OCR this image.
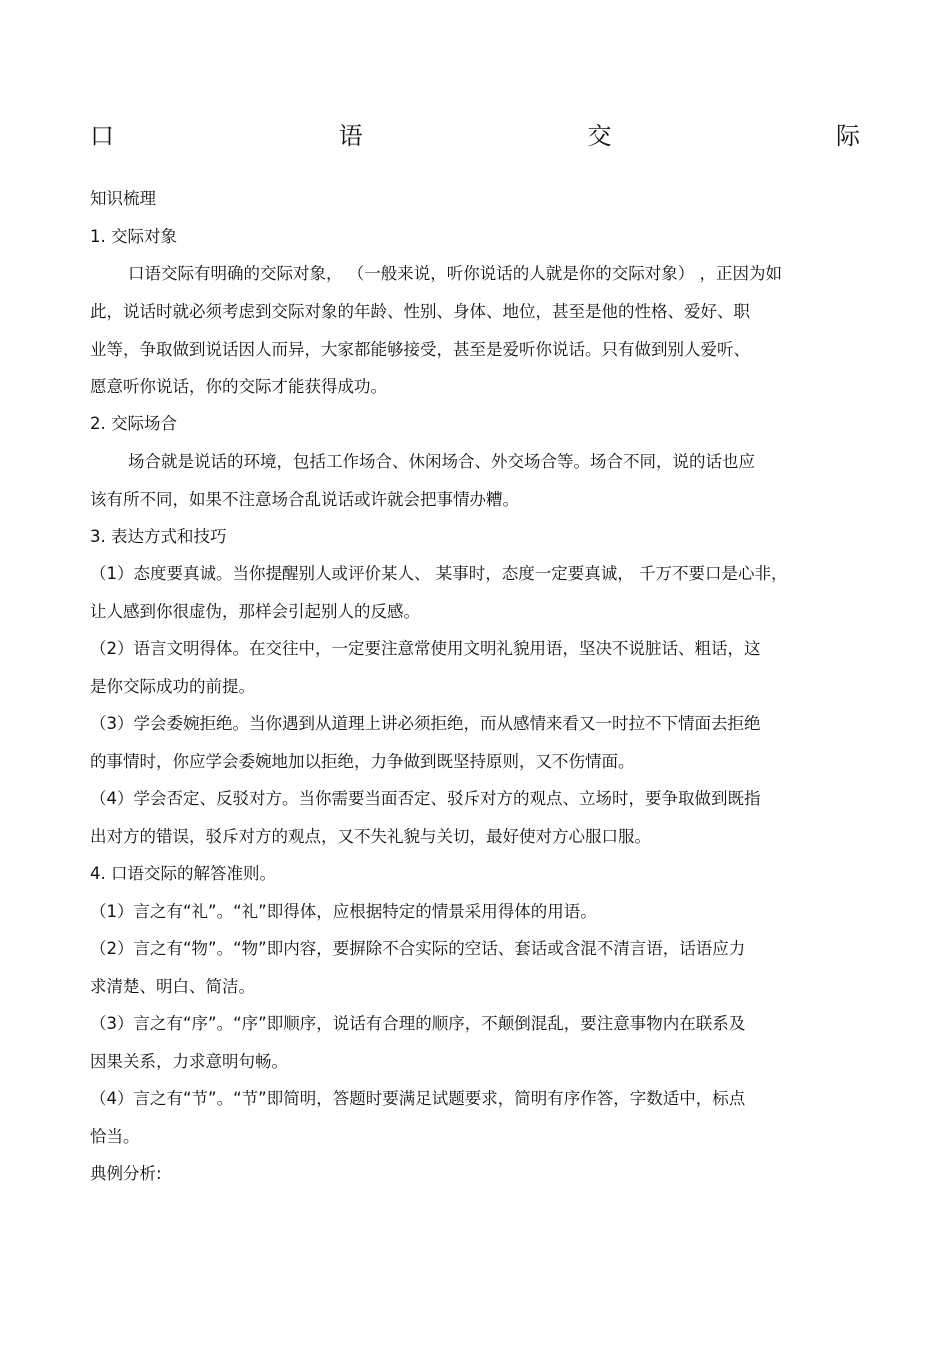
口	语	交	际
知识梳理
1. 交际对象
口语交际有明确的交际对象， （一般来说，听你说话的人就是你的交际对象） ，正因为如
此，说话时就必须考虑到交际对象的年龄、性别、身体、地位，甚至是他的性格、爱好、职
业等，争取做到说话因人而异，大家都能够接受，甚至是爱听你说话。只有做到别人爱听、
愿意听你说话，你的交际才能获得成功。
2. 交际场合
场合就是说话的环境，包括工作场合、休闲场合、外交场合等。场合不同，说的话也应
该有所不同，如果不注意场合乱说话或许就会把事情办糟。
3. 表达方式和技巧
（1）态度要真诚。当你提醒别人或评价某人、 某事时，态度一定要真诚， 千万不要口是心非，
让人感到你很虚伪，那样会引起别人的反感。
（2）语言文明得体。在交往中，一定要注意常使用文明礼貌用语，坚决不说脏话、粗话，这
是你交际成功的前提。
（3）学会委婉拒绝。当你遇到从道理上讲必须拒绝，而从感情来看又一时拉不下情面去拒绝
的事情时，你应学会委婉地加以拒绝，力争做到既坚持原则，又不伤情面。
（4）学会否定、反驳对方。当你需要当面否定、驳斥对方的观点、立场时，要争取做到既指
出对方的错误，驳斥对方的观点，又不失礼貌与关切，最好使对方心服口服。
4. 口语交际的解答准则。
（1）言之有“礼”。“礼”即得体，应根据特定的情景采用得体的用语。
（2）言之有“物”。“物”即内容，要摒除不合实际的空话、套话或含混不清言语，话语应力
求清楚、明白、简洁。
（3）言之有“序”。“序”即顺序，说话有合理的顺序，不颠倒混乱，要注意事物内在联系及
因果关系，力求意明句畅。
（4）言之有“节”。“节”即简明，答题时要满足试题要求，简明有序作答，字数适中，标点
恰当。
典例分析:
